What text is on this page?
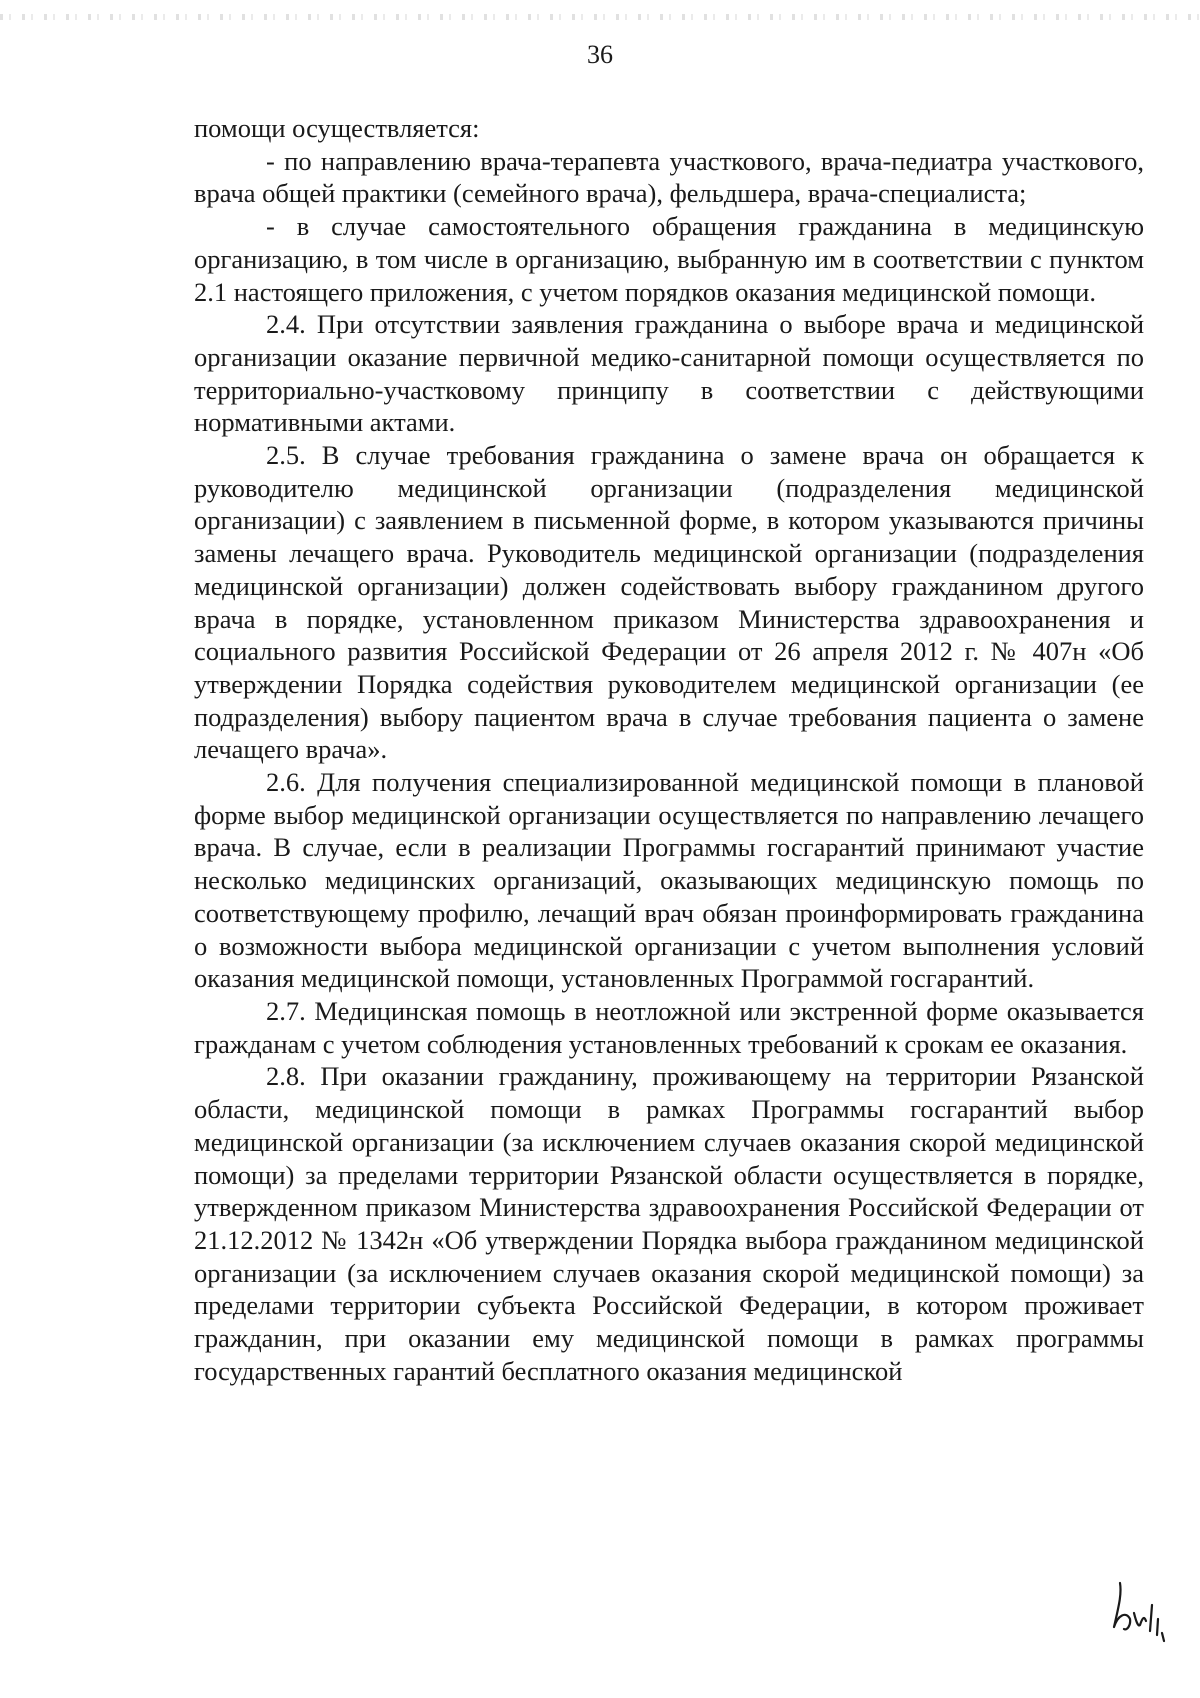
36

помощи осуществляется:

- по направлению врача-терапевта участкового, врача-педиатра участкового, врача общей практики (семейного врача), фельдшера, врача-специалиста;

- в случае самостоятельного обращения гражданина в медицинскую организацию, в том числе в организацию, выбранную им в соответствии с пунктом 2.1 настоящего приложения, с учетом порядков оказания медицинской помощи.

2.4. При отсутствии заявления гражданина о выборе врача и медицинской организации оказание первичной медико-санитарной помощи осуществляется по территориально-участковому принципу в соответствии с действующими нормативными актами.

2.5. В случае требования гражданина о замене врача он обращается к руководителю медицинской организации (подразделения медицинской организации) с заявлением в письменной форме, в котором указываются причины замены лечащего врача. Руководитель медицинской организации (подразделения медицинской организации) должен содействовать выбору гражданином другого врача в порядке, установленном приказом Министерства здравоохранения и социального развития Российской Федерации от 26 апреля 2012 г. № 407н «Об утверждении Порядка содействия руководителем медицинской организации (ее подразделения) выбору пациентом врача в случае требования пациента о замене лечащего врача».

2.6. Для получения специализированной медицинской помощи в плановой форме выбор медицинской организации осуществляется по направлению лечащего врача. В случае, если в реализации Программы госгарантий принимают участие несколько медицинских организаций, оказывающих медицинскую помощь по соответствующему профилю, лечащий врач обязан проинформировать гражданина о возможности выбора медицинской организации с учетом выполнения условий оказания медицинской помощи, установленных Программой госгарантий.

2.7. Медицинская помощь в неотложной или экстренной форме оказывается гражданам с учетом соблюдения установленных требований к срокам ее оказания.

2.8. При оказании гражданину, проживающему на территории Рязанской области, медицинской помощи в рамках Программы госгарантий выбор медицинской организации (за исключением случаев оказания скорой медицинской помощи) за пределами территории Рязанской области осуществляется в порядке, утвержденном приказом Министерства здравоохранения Российской Федерации от 21.12.2012 № 1342н «Об утверждении Порядка выбора гражданином медицинской организации (за исключением случаев оказания скорой медицинской помощи) за пределами территории субъекта Российской Федерации, в котором проживает гражданин, при оказании ему медицинской помощи в рамках программы государственных гарантий бесплатного оказания медицинской
